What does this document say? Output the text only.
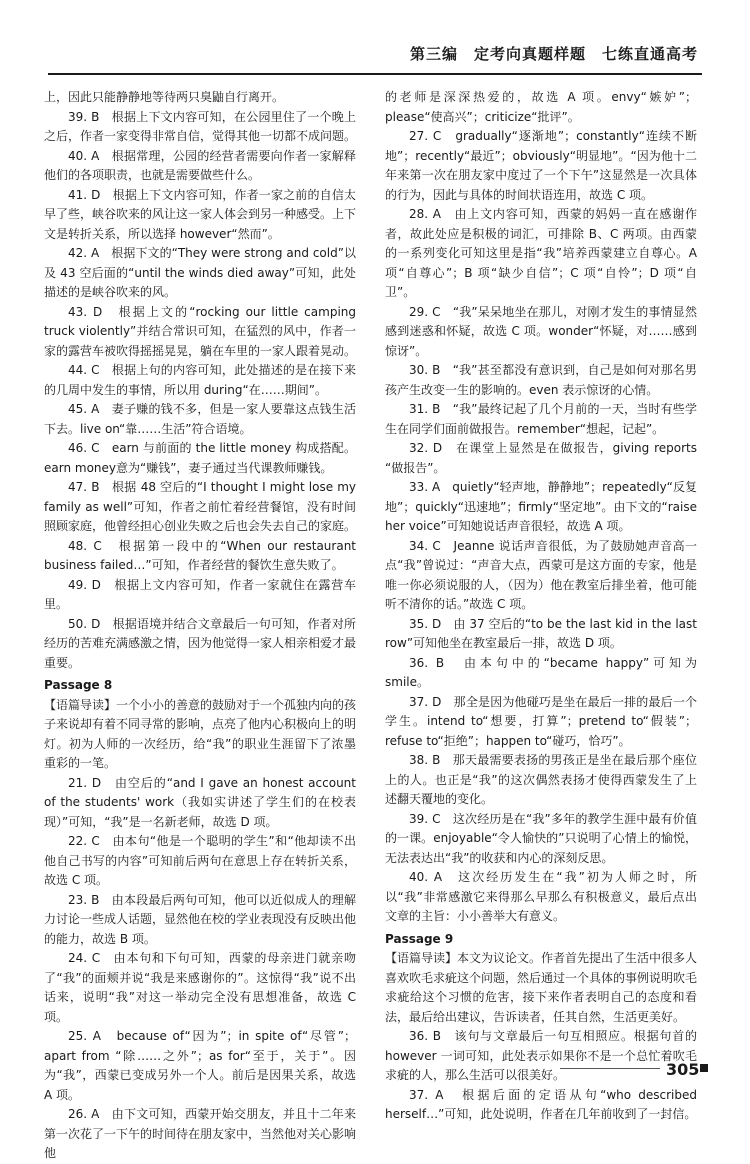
第三编　定考向真题样题　七练直通高考

上，因此只能静静地等待两只臭鼬自行离开。

39. B　根据上下文内容可知，在公园里住了一个晚上之后，作者一家变得非常自信，觉得其他一切都不成问题。

40. A　根据常理，公园的经营者需要向作者一家解释他们的各项职责，也就是需要做些什么。

41. D　根据上下文内容可知，作者一家之前的自信太早了些，峡谷吹来的风让这一家人体会到另一种感受。上下文是转折关系，所以选择 however“然而”。

42. A　根据下文的“They were strong and cold”以及 43 空后面的“until the winds died away”可知，此处描述的是峡谷吹来的风。

43. D　根据上文的“rocking our little camping truck violently”并结合常识可知，在猛烈的风中，作者一家的露营车被吹得摇摇晃晃，躺在车里的一家人跟着晃动。

44. C　根据上句的内容可知，此处描述的是在接下来的几周中发生的事情，所以用 during“在……期间”。

45. A　妻子赚的钱不多，但是一家人要靠这点钱生活下去。live on“靠……生活”符合语境。

46. C　earn 与前面的 the little money 构成搭配。earn money意为“赚钱”，妻子通过当代课教师赚钱。

47. B　根据 48 空后的“I thought I might lose my family as well”可知，作者之前忙着经营餐馆，没有时间照顾家庭，他曾经担心创业失败之后也会失去自己的家庭。

48. C　根据第一段中的“When our restaurant business failed…”可知，作者经营的餐饮生意失败了。

49. D　根据上文内容可知，作者一家就住在露营车里。

50. D　根据语境并结合文章最后一句可知，作者对所经历的苦难充满感激之情，因为他觉得一家人相亲相爱才最重要。

Passage 8

【语篇导读】一个小小的善意的鼓励对于一个孤独内向的孩子来说却有着不同寻常的影响，点亮了他内心积极向上的明灯。初为人师的一次经历，给“我”的职业生涯留下了浓墨重彩的一笔。

21. D　由空后的“and I gave an honest account of the students' work（我如实讲述了学生们的在校表现）”可知，“我”是一名新老师，故选 D 项。

22. C　由本句“他是一个聪明的学生”和“他却读不出他自己书写的内容”可知前后两句在意思上存在转折关系，故选 C 项。

23. B　由本段最后两句可知，他可以近似成人的理解力讨论一些成人话题，显然他在校的学业表现没有反映出他的能力，故选 B 项。

24. C　由本句和下句可知，西蒙的母亲进门就亲吻了“我”的面颊并说“我是来感谢你的”。这惊得“我”说不出话来，说明“我”对这一举动完全没有思想准备，故选 C 项。

25. A　because of“因为”；in spite of“尽管”；apart from “除……之外”；as for“至于，关于”。因为“我”，西蒙已变成另外一个人。前后是因果关系，故选 A 项。

26. A　由下文可知，西蒙开始交朋友，并且十二年来第一次花了一下午的时间待在朋友家中，当然他对关心影响他

的老师是深深热爱的，故选 A 项。envy“嫉妒”；please“使高兴”；criticize“批评”。

27. C　gradually“逐渐地”；constantly“连续不断地”；recently“最近”；obviously“明显地”。“因为他十二年来第一次在朋友家中度过了一个下午”这显然是一次具体的行为，因此与具体的时间状语连用，故选 C 项。

28. A　由上文内容可知，西蒙的妈妈一直在感谢作者，故此处应是积极的词汇，可排除 B、C 两项。由西蒙的一系列变化可知这里是指“我”培养西蒙建立自尊心。A 项“自尊心”；B 项“缺少自信”；C 项“自怜”；D 项“自卫”。

29. C　“我”呆呆地坐在那儿，对刚才发生的事情显然感到迷惑和怀疑，故选 C 项。wonder“怀疑，对……感到惊讶”。

30. B　“我”甚至都没有意识到，自己是如何对那名男孩产生改变一生的影响的。even 表示惊讶的心情。

31. B　“我”最终记起了几个月前的一天，当时有些学生在同学们面前做报告。remember“想起，记起”。

32. D　在课堂上显然是在做报告，giving reports “做报告”。

33. A　quietly“轻声地，静静地”；repeatedly“反复地”；quickly“迅速地”；firmly“坚定地”。由下文的“raise her voice”可知她说话声音很轻，故选 A 项。

34. C　Jeanne 说话声音很低，为了鼓励她声音高一点“我”曾说过：“声音大点，西蒙可是这方面的专家，他是唯一你必须说服的人，（因为）他在教室后排坐着，他可能听不清你的话。”故选 C 项。

35. D　由 37 空后的“to be the last kid in the last row”可知他坐在教室最后一排，故选 D 项。

36. B　由本句中的“became happy”可知为 smile。

37. D　那全是因为他碰巧是坐在最后一排的最后一个学生。intend to“想要，打算”；pretend to“假装”；refuse to“拒绝”；happen to“碰巧，恰巧”。

38. B　那天最需要表扬的男孩正是坐在最后那个座位上的人。也正是“我”的这次偶然表扬才使得西蒙发生了上述翻天覆地的变化。

39. C　这次经历是在“我”多年的教学生涯中最有价值的一课。enjoyable“令人愉快的”只说明了心情上的愉悦，无法表达出“我”的收获和内心的深刻反思。

40. A　这次经历发生在“我”初为人师之时，所以“我”非常感激它来得那么早那么有积极意义，最后点出文章的主旨：小小善举大有意义。

Passage 9

【语篇导读】本文为议论文。作者首先提出了生活中很多人喜欢吹毛求疵这个问题，然后通过一个具体的事例说明吹毛求疵给这个习惯的危害，接下来作者表明自己的态度和看法，最后给出建议，告诉读者，任其自然，生活更美好。

36. B　该句与文章最后一句互相照应。根据句首的 however 一词可知，此处表示如果你不是一个总忙着吹毛求疵的人，那么生活可以很美好。

37. A　根据后面的定语从句“who described herself…”可知，此处说明，作者在几年前收到了一封信。

305
